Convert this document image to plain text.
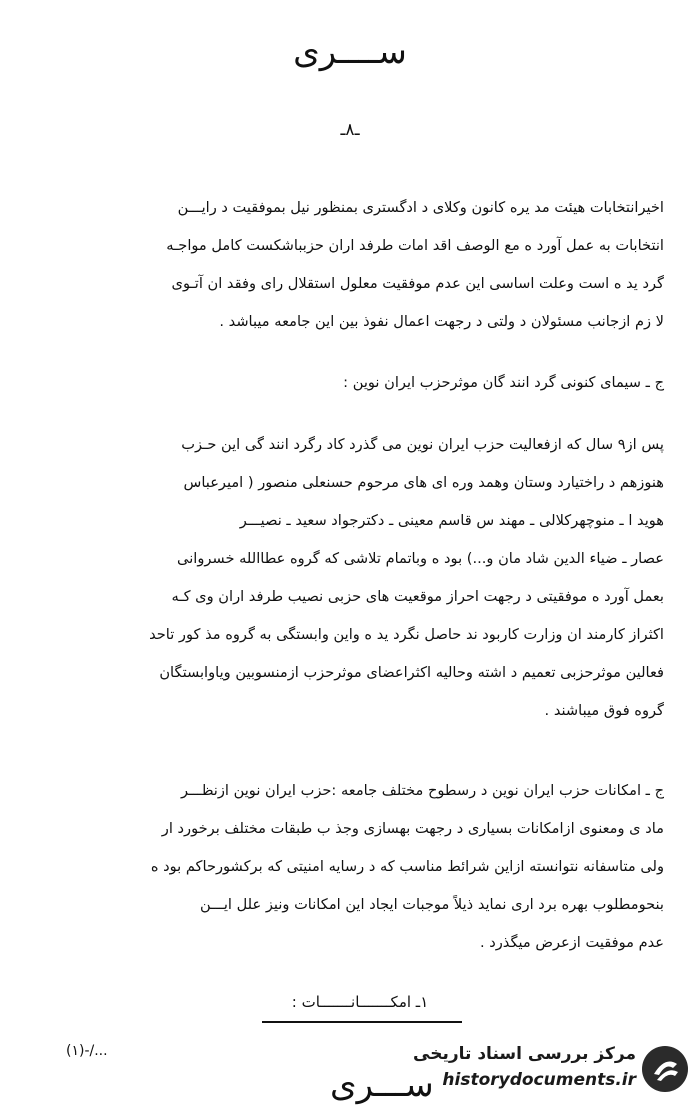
ســــرى
ـ۸ـ
اخیرانتخابات هیئت مد یره کانون وکلای د ادگستری بمنظور نیل بموفقیت د رایـــن
انتخابات به عمل آورد ه مع الوصف اقد امات طرفد اران حزبباشکست کامل مواجـه
گرد ید ه است وعلت اساسی این عدم موفقیت معلول استقلال رای وفقد ان آتـوی
لا زم ازجانب مسئولان د ولتی د رجهت اعمال نفوذ بین این جامعه میباشد .
ج ـ سیمای کنونی گرد انند گان موثرحزب ایران نوین :
پس از۹ سال که ازفعالیت حزب ایران نوین می گذرد کاد رگرد انند گی این حـزب
هنوزهم د راختیارد وستان وهمد وره ای های مرحوم حسنعلی منصور ( امیرعباس
هوید ا ـ منوچهرکلالی ـ مهند س قاسم معینی ـ دکترجواد سعید ـ نصیـــر
عصار ـ ضیاء الدین شاد مان و...) بود ه وباتمام تلاشی که گروه عطاالله خسروانی
بعمل آورد ه موفقیتی د رجهت احراز موقعیت های حزبی نصیب طرفد اران وی کـه
اکثراز کارمند ان وزارت کاربود ند حاصل نگرد ید ه واین وابستگی به گروه مذ کور تاحد
فعالین موثرحزبی تعمیم د اشته وحالیه اکثراعضای موثرحزب ازمنسوبین ویاوابستگان
گروه فوق میباشند .
ج ـ امکانات حزب ایران نوین د رسطوح مختلف جامعه :حزب ایران نوین ازنظـــر
ماد ی ومعنوی ازامکانات بسیاری د رجهت بهسازی وجذ ب طبقات مختلف برخورد ار
ولی متاسفانه نتوانسته ازاین شرائط مناسب که د رسایه امنیتی که برکشورحاکم بود ه
بنحومطلوب بهره برد اری نماید ذیلاً موجبات ایجاد این امکانات ونیز علل ایـــن
عدم موفقیت ازعرض میگذرد .
۱ـ امکـــــــانـــــــات :
(۱)-/...
ســـرى
مرکز بررسی اسناد تاریخی
historydocuments.ir
